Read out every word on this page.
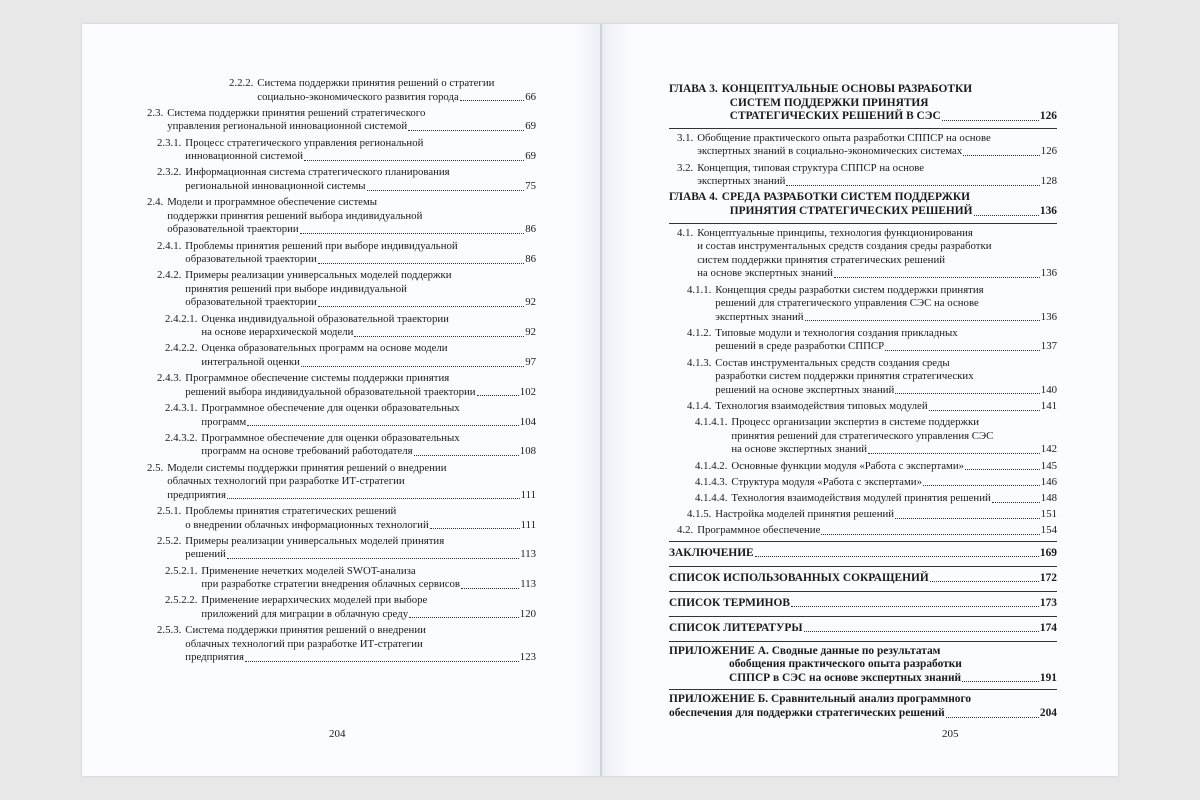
2.2.2. Система поддержки принятия решений о стратегии
социально-экономического развития города	66
2.3. Система поддержки принятия решений стратегического
управления региональной инновационной системой	69
2.3.1. Процесс стратегического управления региональной
инновационной системой	69
2.3.2. Информационная система стратегического планирования
региональной инновационной системы	75
2.4. Модели и программное обеспечение системы
поддержки принятия решений выбора индивидуальной
образовательной траектории	86
2.4.1. Проблемы принятия решений при выборе индивидуальной
образовательной траектории	86
2.4.2. Примеры реализации универсальных моделей поддержки
принятия решений при выборе индивидуальной
образовательной траектории	92
2.4.2.1. Оценка индивидуальной образовательной траектории
на основе иерархической модели	92
2.4.2.2. Оценка образовательных программ на основе модели
интегральной оценки	97
2.4.3. Программное обеспечение системы поддержки принятия
решений выбора индивидуальной образовательной траектории	102
2.4.3.1. Программное обеспечение для оценки образовательных
программ	104
2.4.3.2. Программное обеспечение для оценки образовательных
программ на основе требований работодателя	108
2.5. Модели системы поддержки принятия решений о внедрении
облачных технологий при разработке ИТ-стратегии
предприятия	111
2.5.1. Проблемы принятия стратегических решений
о внедрении облачных информационных технологий	111
2.5.2. Примеры реализации универсальных моделей принятия
решений	113
2.5.2.1. Применение нечетких моделей SWOT-анализа
при разработке стратегии внедрения облачных сервисов	113
2.5.2.2. Применение иерархических моделей при выборе
приложений для миграции в облачную среду	120
2.5.3. Система поддержки принятия решений о внедрении
облачных технологий при разработке ИТ-стратегии
предприятия	123
204
ГЛАВА 3. КОНЦЕПТУАЛЬНЫЕ ОСНОВЫ РАЗРАБОТКИ
СИСТЕМ ПОДДЕРЖКИ ПРИНЯТИЯ
СТРАТЕГИЧЕСКИХ РЕШЕНИЙ В СЭС	126
3.1. Обобщение практического опыта разработки СППСР на основе
экспертных знаний в социально-экономических системах	126
3.2. Концепция, типовая структура СППСР на основе
экспертных знаний	128
ГЛАВА 4. СРЕДА РАЗРАБОТКИ СИСТЕМ ПОДДЕРЖКИ
ПРИНЯТИЯ СТРАТЕГИЧЕСКИХ РЕШЕНИЙ	136
4.1. Концептуальные принципы, технология функционирования
и состав инструментальных средств создания среды разработки
систем поддержки принятия стратегических решений
на основе экспертных знаний	136
4.1.1. Концепция среды разработки систем поддержки принятия
решений для стратегического управления СЭС на основе
экспертных знаний	136
4.1.2. Типовые модули и технология создания прикладных
решений в среде разработки СППСР	137
4.1.3. Состав инструментальных средств создания среды
разработки систем поддержки принятия стратегических
решений на основе экспертных знаний	140
4.1.4. Технология взаимодействия типовых модулей	141
4.1.4.1. Процесс организации экспертиз в системе поддержки
принятия решений для стратегического управления СЭС
на основе экспертных знаний	142
4.1.4.2. Основные функции модуля «Работа с экспертами»	145
4.1.4.3. Структура модуля «Работа с экспертами»	146
4.1.4.4. Технология взаимодействия модулей принятия решений	148
4.1.5. Настройка моделей принятия решений	151
4.2. Программное обеспечение	154
ЗАКЛЮЧЕНИЕ	169
СПИСОК ИСПОЛЬЗОВАННЫХ СОКРАЩЕНИЙ	172
СПИСОК ТЕРМИНОВ	173
СПИСОК ЛИТЕРАТУРЫ	174
ПРИЛОЖЕНИЕ А. Сводные данные по результатам
обобщения практического опыта разработки
СППСР в СЭС на основе экспертных знаний	191
ПРИЛОЖЕНИЕ Б. Сравнительный анализ программного
обеспечения для поддержки стратегических решений	204
205
